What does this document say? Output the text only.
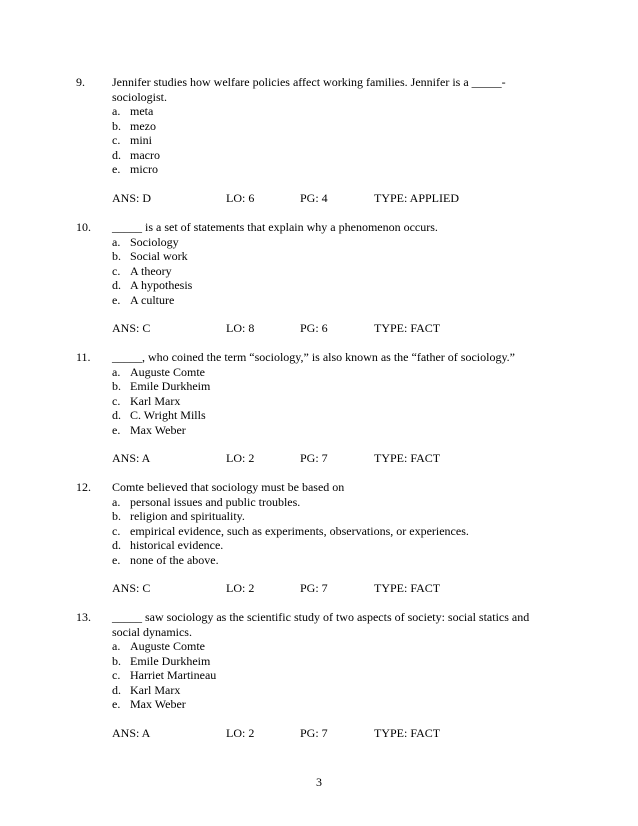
9. Jennifer studies how welfare policies affect working families. Jennifer is a _____-sociologist.

a. meta
b. mezo
c. mini
d. macro
e. micro
ANS: D	LO: 6	PG: 4	TYPE: APPLIED
10. _____ is a set of statements that explain why a phenomenon occurs.

a. Sociology
b. Social work
c. A theory
d. A hypothesis
e. A culture
ANS: C	LO: 8	PG: 6	TYPE: FACT
11. _____, who coined the term “sociology,” is also known as the “father of sociology.”

a. Auguste Comte
b. Emile Durkheim
c. Karl Marx
d. C. Wright Mills
e. Max Weber
ANS: A	LO: 2	PG: 7	TYPE: FACT
12. Comte believed that sociology must be based on

a. personal issues and public troubles.
b. religion and spirituality.
c. empirical evidence, such as experiments, observations, or experiences.
d. historical evidence.
e. none of the above.
ANS: C	LO: 2	PG: 7	TYPE: FACT
13. _____ saw sociology as the scientific study of two aspects of society: social statics and social dynamics.

a. Auguste Comte
b. Emile Durkheim
c. Harriet Martineau
d. Karl Marx
e. Max Weber
ANS: A	LO: 2	PG: 7	TYPE: FACT
3
